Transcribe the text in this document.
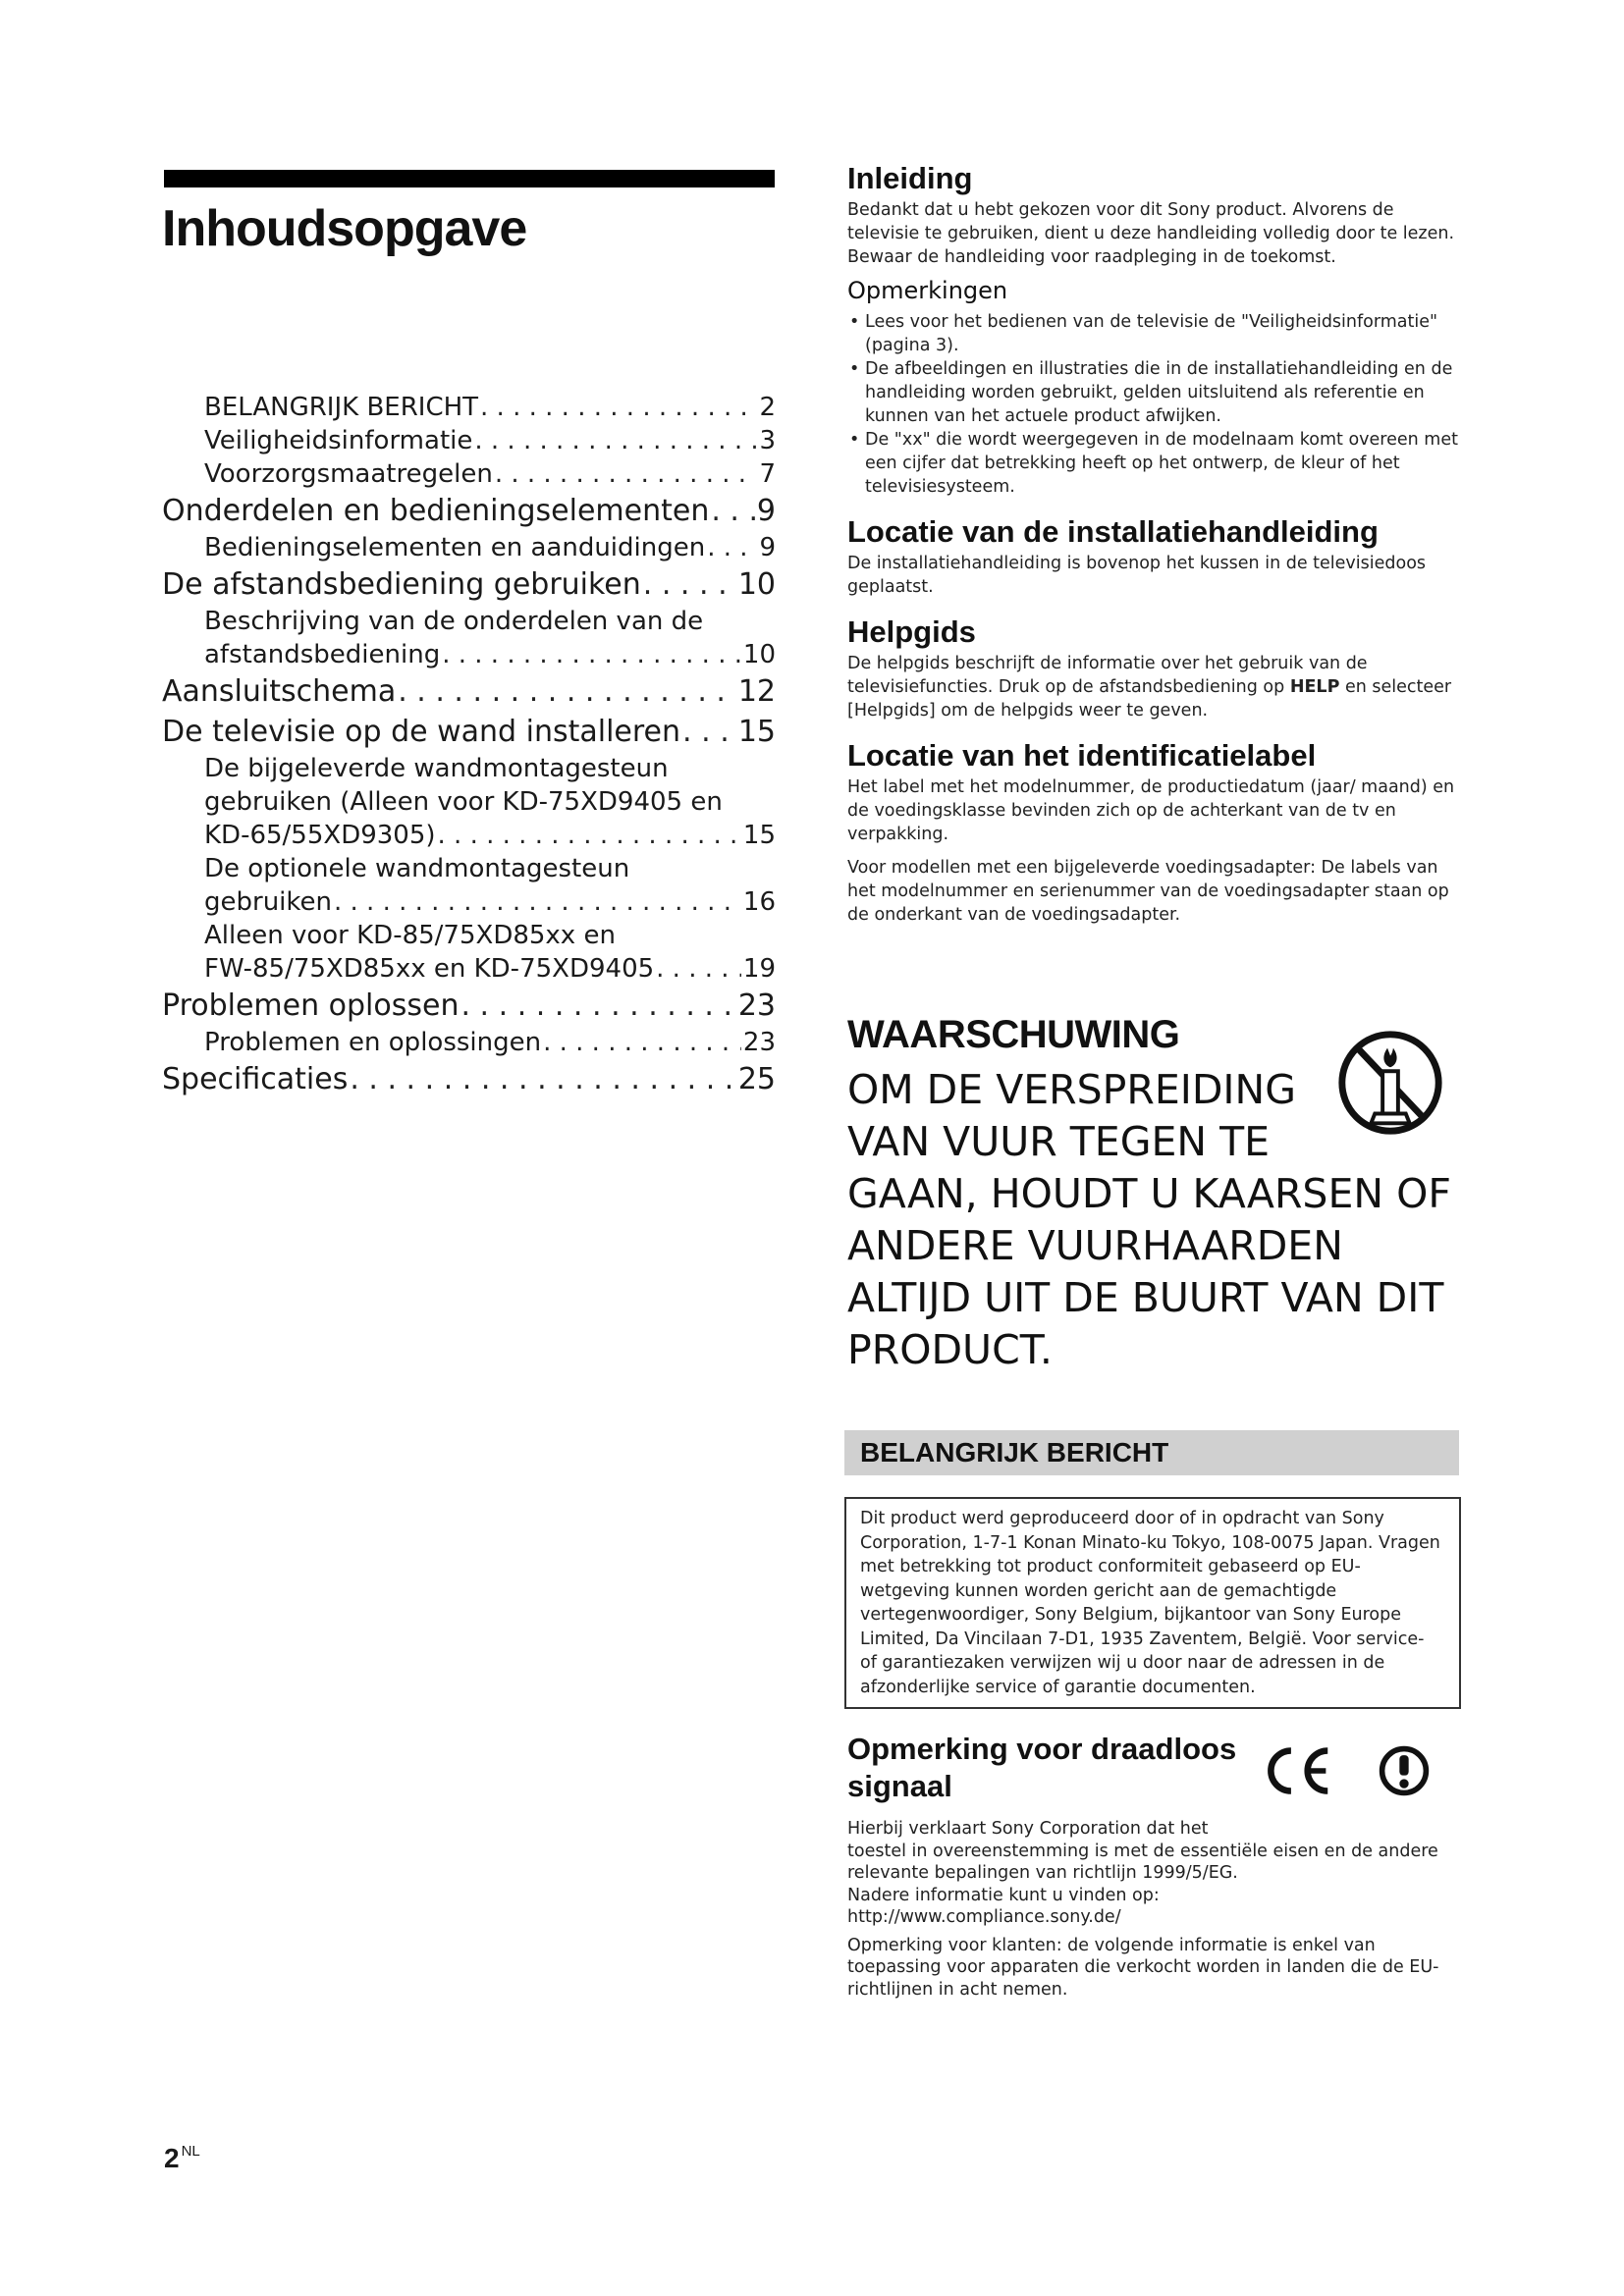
Inhoudsopgave
BELANGRIJK BERICHT . . .	2
Veiligheidsinformatie . . .	3
Voorzorgsmaatregelen . . .	7
Onderdelen en bedieningselementen . . . 9
Bedieningselementen en aanduidingen . . . 9
De afstandsbediening gebruiken . . .	10
Beschrijving van de onderdelen van de
afstandsbediening . . .	10
Aansluitschema . . .	12
De televisie op de wand installeren . . . 15
De bijgeleverde wandmontagesteun
gebruiken (Alleen voor KD-75XD9405 en
KD-65/55XD9305) . . .	15
De optionele wandmontagesteun
gebruiken . . .	16
Alleen voor KD-85/75XD85xx en
FW-85/75XD85xx en KD-75XD9405 . . .	19
Problemen oplossen . . .	23
Problemen en oplossingen . . .	23
Specificaties . . .	25
2 $^{NL}$
Inleiding

Bedankt dat u hebt gekozen voor dit Sony product. Alvorens de televisie te gebruiken, dient u deze handleiding volledig door te lezen. Bewaar de handleiding voor raadpleging in de toekomst.

Opmerkingen
• Lees voor het bedienen van de televisie de "Veiligheidsinformatie" (pagina 3).
• De afbeeldingen en illustraties die in de installatiehandleiding en de handleiding worden gebruikt, gelden uitsluitend als referentie en kunnen van het actuele product afwijken.
• De "xx" die wordt weergegeven in de modelnaam komt overeen met een cijfer dat betrekking heeft op het ontwerp, de kleur of het televisiesysteem.
Locatie van de installatiehandleiding

De installatiehandleiding is bovenop het kussen in de televisiedoos geplaatst.

Helpgids

De helpgids beschrijft de informatie over het gebruik van de televisiefuncties. Druk op de afstandsbediening op HELP en selecteer [Helpgids] om de helpgids weer te geven.

Locatie van het identificatielabel

Het label met het modelnummer, de productiedatum (jaar/ maand) en de voedingsklasse bevinden zich op de achterkant van de tv en verpakking.

Voor modellen met een bijgeleverde voedingsadapter: De labels van het modelnummer en serienummer van de voedingsadapter staan op de onderkant van de voedingsadapter.

WAARSCHUWING
OM DE VERSPREIDING
VAN VUUR TEGEN TE
GAAN, HOUDT U KAARSEN OF
ANDERE VUURHAARDEN
ALTIJD UIT DE BUURT VAN DIT
PRODUCT.
BELANGRIJK BERICHT
Dit product werd geproduceerd door of in opdracht van Sony Corporation, 1-7-1 Konan Minato-ku Tokyo, 108-0075 Japan. Vragen met betrekking tot product conformiteit gebaseerd op EU-wetgeving kunnen worden gericht aan de gemachtigde vertegenwoordiger, Sony Belgium, bijkantoor van Sony Europe Limited, Da Vincilaan 7-D1, 1935 Zaventem, België. Voor service- of garantiezaken verwijzen wij u door naar de adressen in de afzonderlijke service of garantie documenten.
Opmerking voor draadloos
signaal

Hierbij verklaart Sony Corporation dat het

toestel in overeenstemming is met de essentiële eisen en de andere relevante bepalingen van richtlijn 1999/5/EG.

Nadere informatie kunt u vinden op:

http://www.compliance.sony.de/

Opmerking voor klanten: de volgende informatie is enkel van toepassing voor apparaten die verkocht worden in landen die de EU-richtlijnen in acht nemen.
